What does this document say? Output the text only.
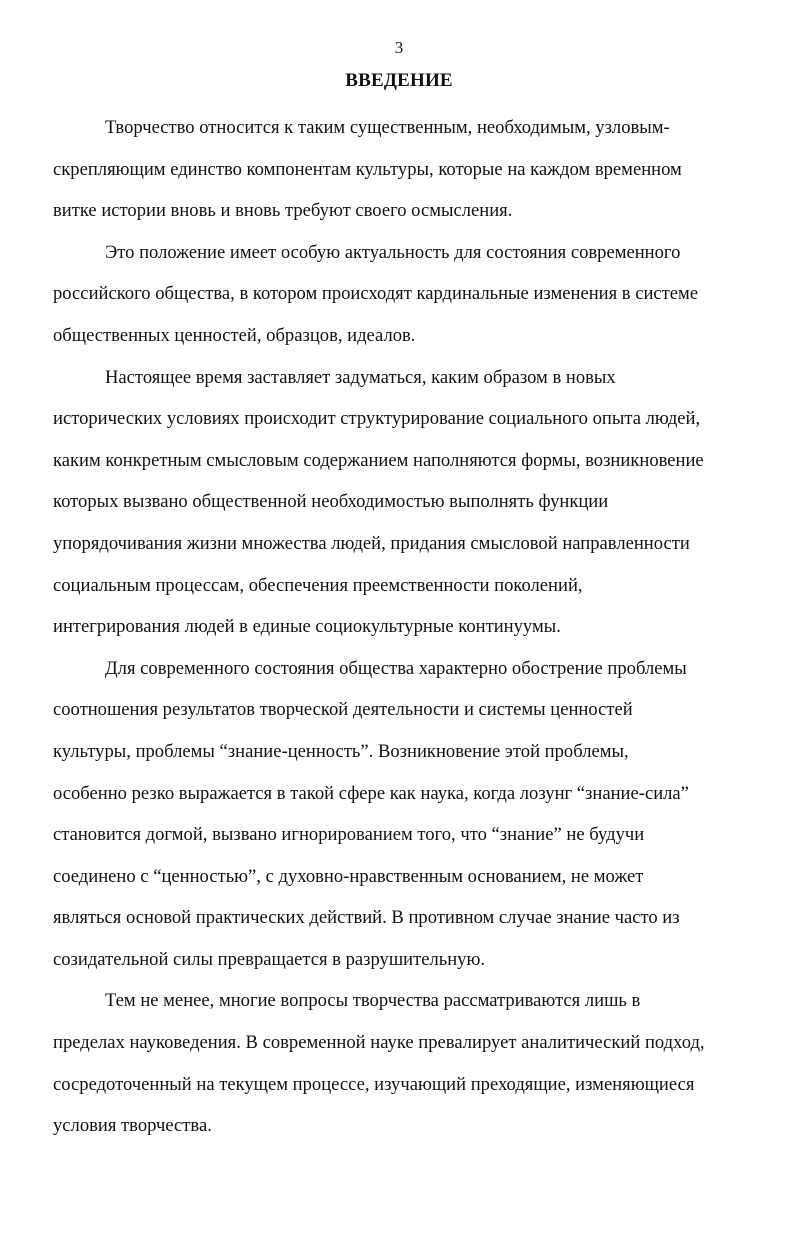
3
ВВЕДЕНИЕ
Творчество относится к таким существенным, необходимым, узловым-
скрепляющим единство компонентам культуры, которые на каждом временном
витке истории вновь и вновь требуют своего осмысления.
Это положение имеет особую актуальность для состояния современного
российского общества, в котором происходят кардинальные изменения в системе
общественных ценностей, образцов, идеалов.
Настоящее время заставляет задуматься, каким образом в новых
исторических условиях происходит структурирование социального опыта людей,
каким конкретным смысловым содержанием наполняются формы, возникновение
которых вызвано общественной необходимостью выполнять функции
упорядочивания жизни множества людей, придания смысловой направленности
социальным процессам, обеспечения преемственности поколений,
интегрирования людей в единые социокультурные континуумы.
Для современного состояния общества характерно обострение проблемы
соотношения результатов творческой деятельности и системы ценностей
культуры, проблемы “знание-ценность”. Возникновение этой проблемы,
особенно резко выражается в такой сфере как наука, когда лозунг “знание-сила”
становится догмой, вызвано игнорированием того, что “знание” не будучи
соединено с “ценностью”, с духовно-нравственным основанием, не может
являться основой практических действий. В противном случае знание часто из
созидательной силы превращается в разрушительную.
Тем не менее, многие вопросы творчества рассматриваются лишь в
пределах науковедения. В современной науке превалирует аналитический подход,
сосредоточенный на текущем процессе, изучающий преходящие, изменяющиеся
условия творчества.
